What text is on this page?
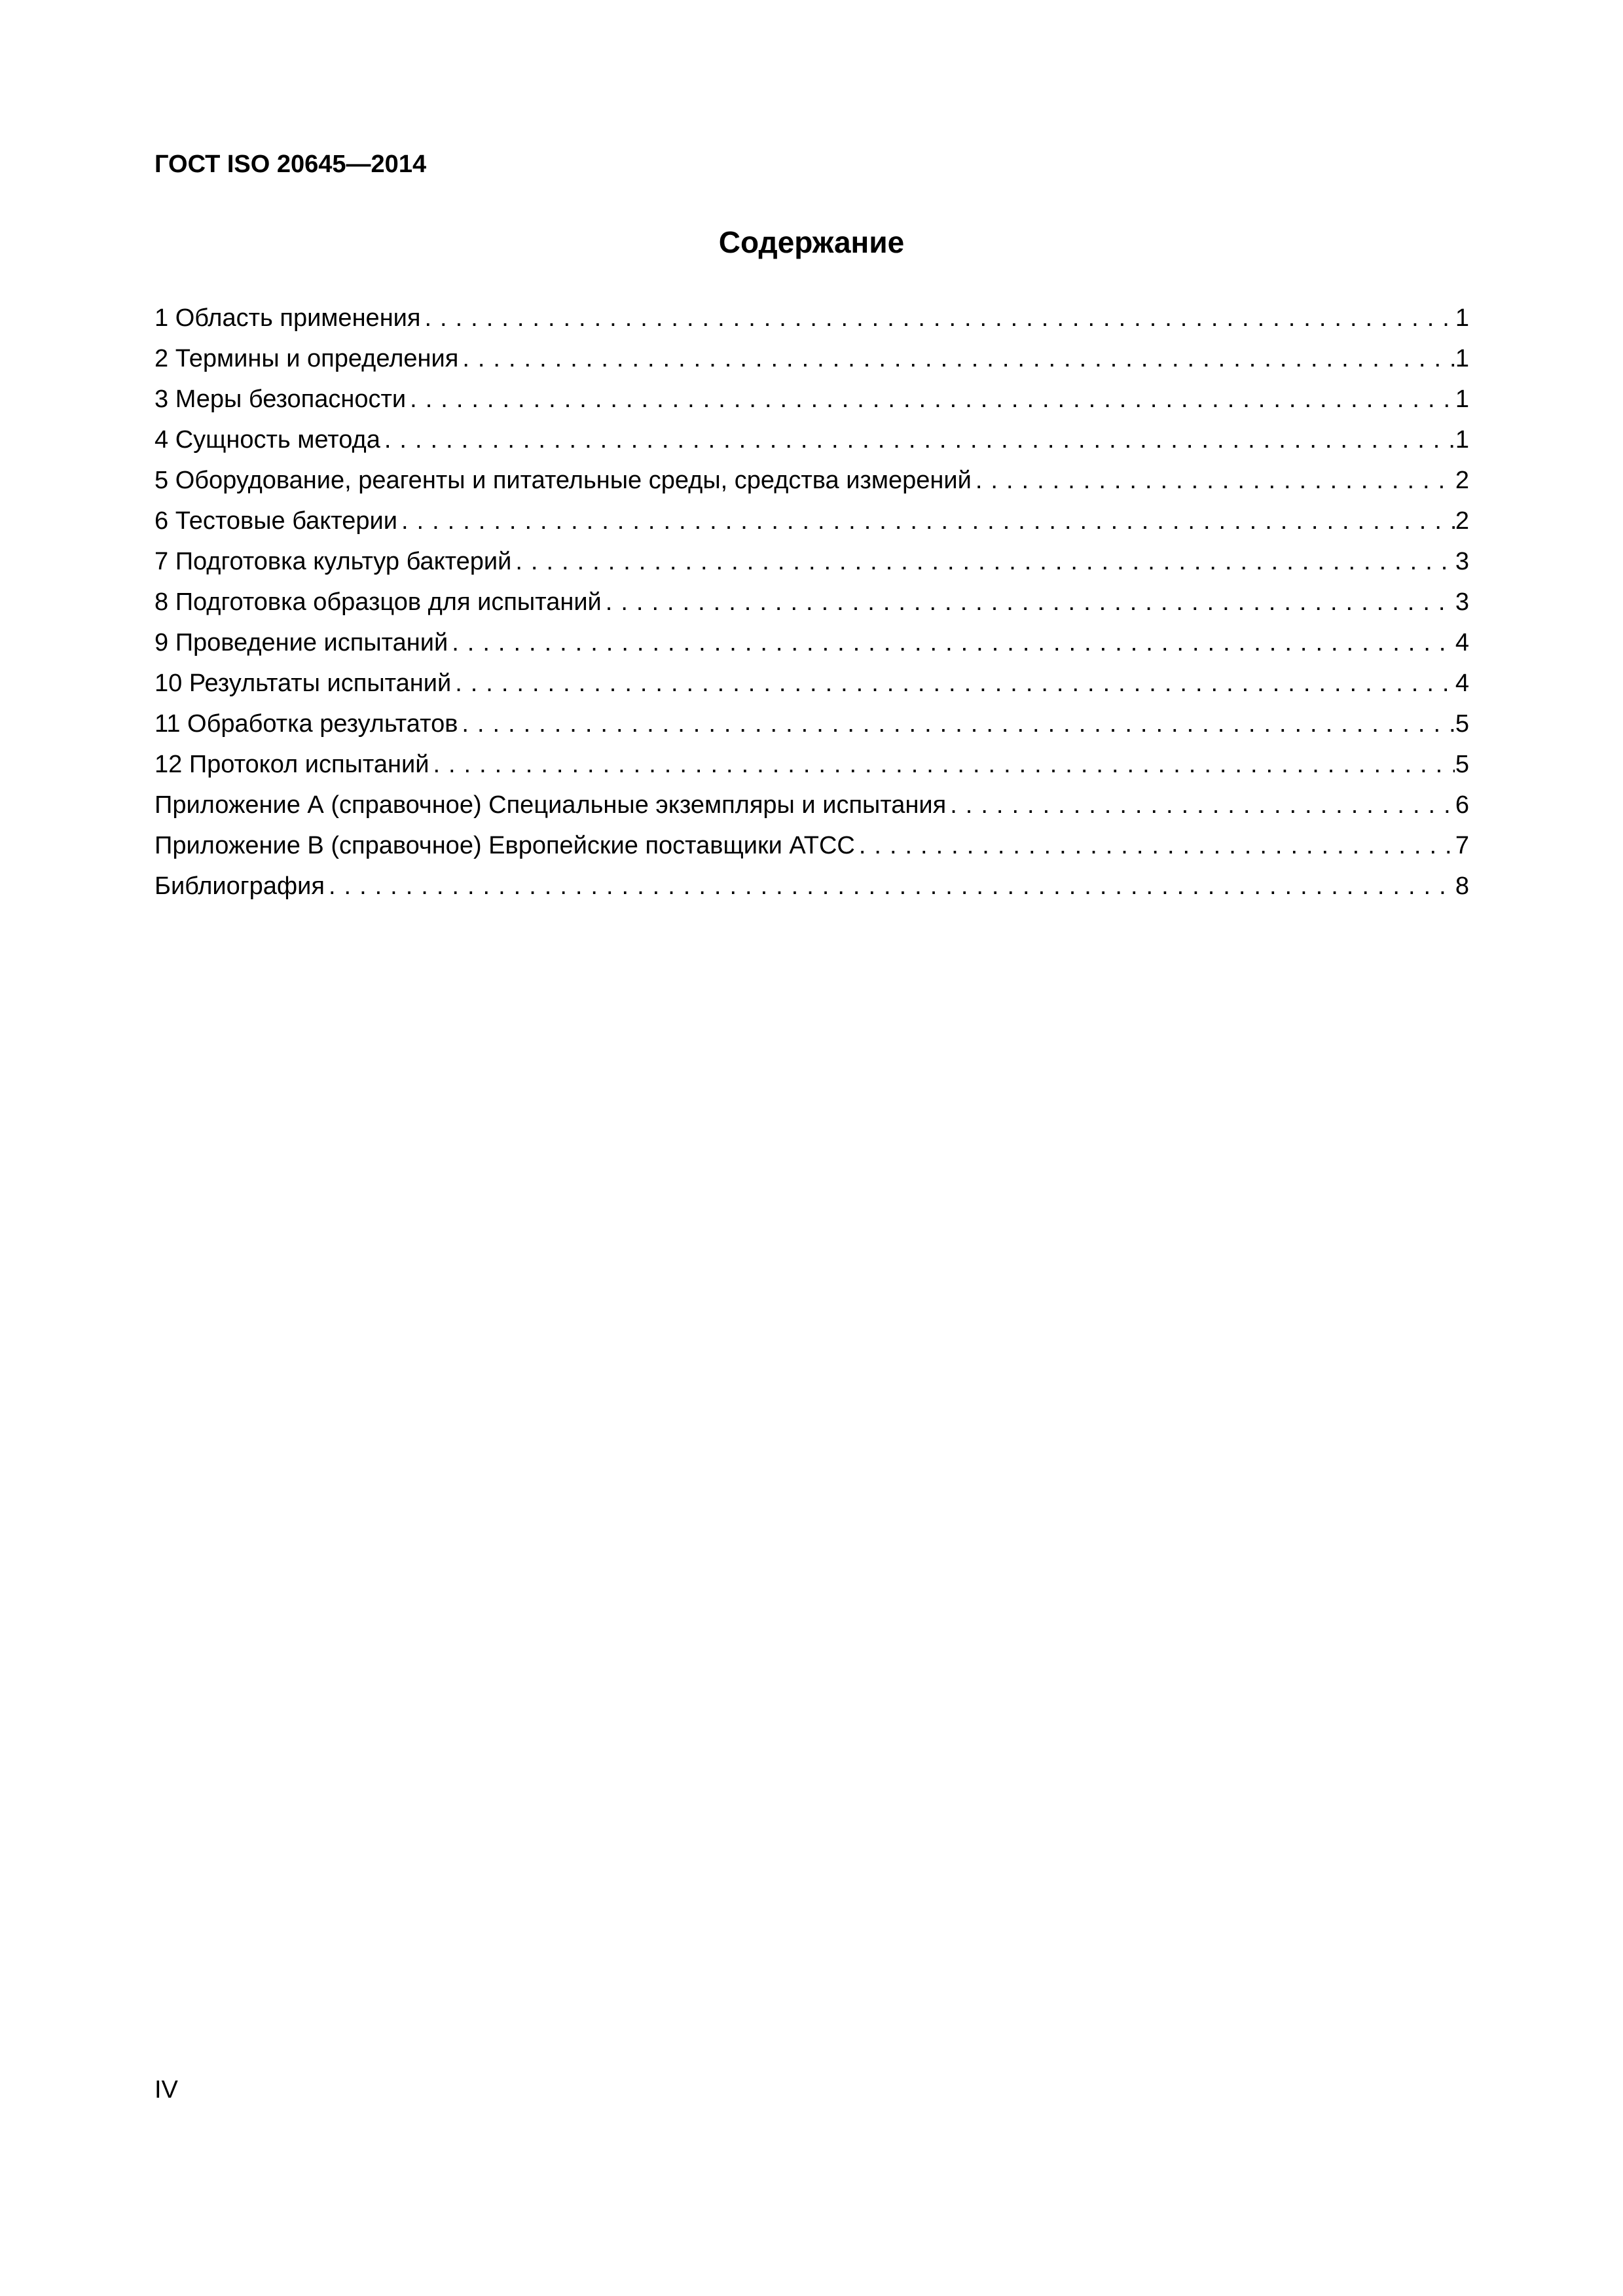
ГОСТ ISO 20645—2014
Содержание
1 Область применения .....	1
2 Термины и определения .....	1
3 Меры безопасности .....	1
4 Сущность метода .....	1
5 Оборудование, реагенты и питательные среды, средства измерений .....	2
6 Тестовые бактерии .....	2
7 Подготовка культур бактерий .....	3
8 Подготовка образцов для испытаний .....	3
9 Проведение испытаний .....	4
10 Результаты испытаний .....	4
11 Обработка результатов .....	5
12 Протокол испытаний .....	5
Приложение А (справочное) Специальные экземпляры и испытания .....	6
Приложение В (справочное) Европейские поставщики АТСС .....	7
Библиография .....	8
IV
